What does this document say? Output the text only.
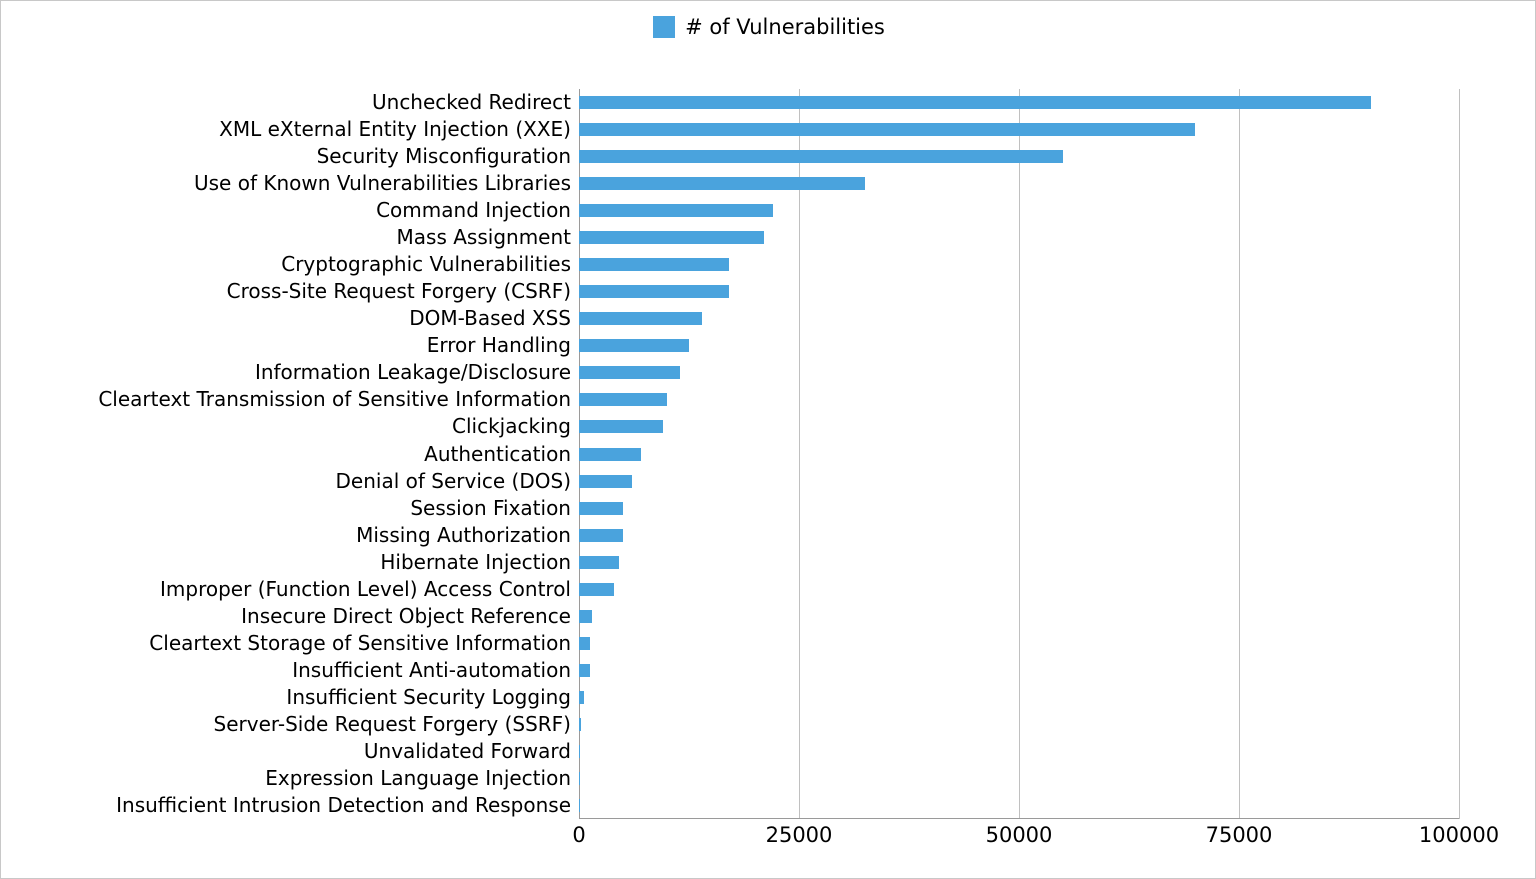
# of Vulnerabilities
Unchecked Redirect
XML eXternal Entity Injection (XXE)
Security Misconfiguration
Use of Known Vulnerabilities Libraries
Command Injection
Mass Assignment
Cryptographic Vulnerabilities
Cross-Site Request Forgery (CSRF)
DOM-Based XSS
Error Handling
Information Leakage/Disclosure
Cleartext Transmission of Sensitive Information
Clickjacking
Authentication
Denial of Service (DOS)
Session Fixation
Missing Authorization
Hibernate Injection
Improper (Function Level) Access Control
Insecure Direct Object Reference
Cleartext Storage of Sensitive Information
Insufficient Anti-automation
Insufficient Security Logging
Server-Side Request Forgery (SSRF)
Unvalidated Forward
Expression Language Injection
Insufficient Intrusion Detection and Response
0	25000	50000	75000	100000
